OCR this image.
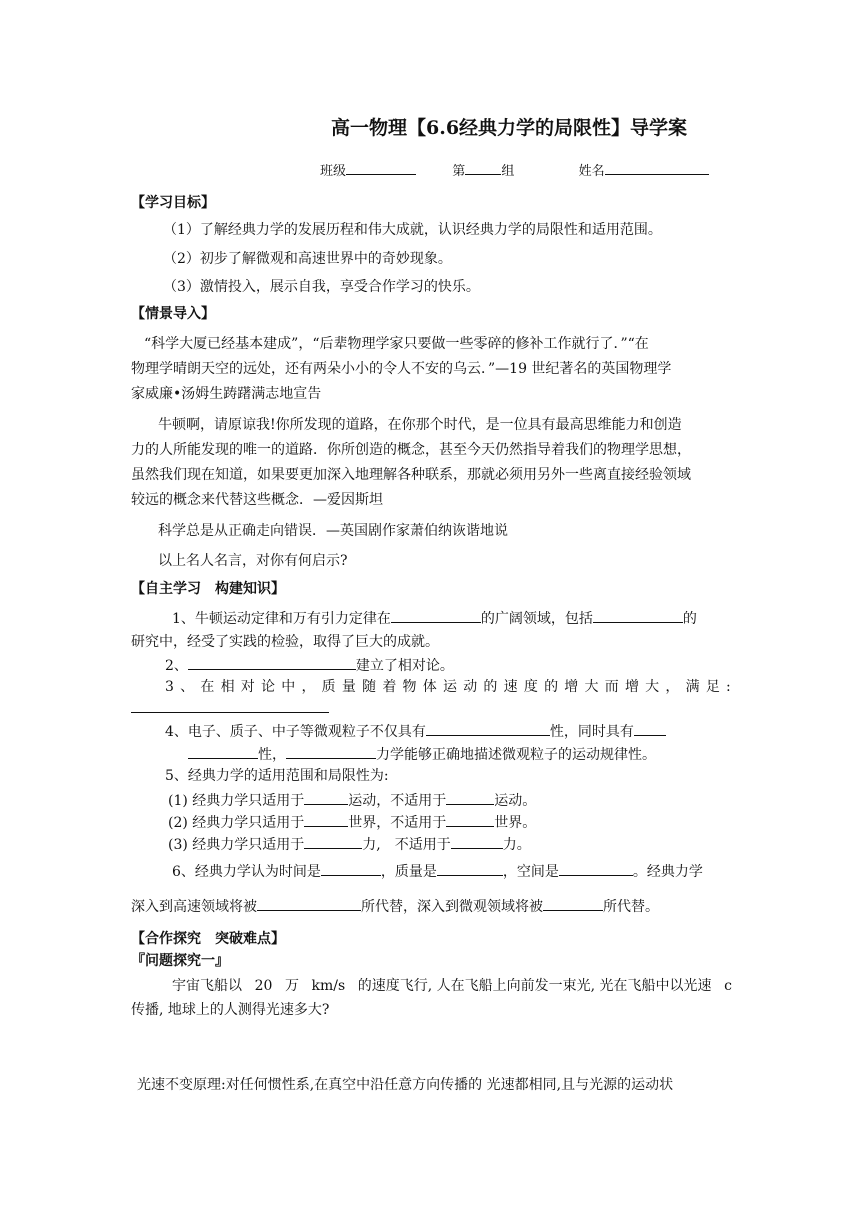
高一物理【6.6经典力学的局限性】导学案
班级	第	组	姓名
【学习目标】
（1）了解经典力学的发展历程和伟大成就，认识经典力学的局限性和适用范围。
（2）初步了解微观和高速世界中的奇妙现象。
（3）激情投入，展示自我，享受合作学习的快乐。
【情景导入】
“科学大厦已经基本建成”，“后辈物理学家只要做一些零碎的修补工作就行了．”“在
物理学晴朗天空的远处，还有两朵小小的令人不安的乌云．”—19 世纪著名的英国物理学
家威廉•汤姆生踌躇满志地宣告
牛顿啊，请原谅我!你所发现的道路，在你那个时代，是一位具有最高思维能力和创造
力的人所能发现的唯一的道路．你所创造的概念，甚至今天仍然指导着我们的物理学思想，
虽然我们现在知道，如果要更加深入地理解各种联系，那就必须用另外一些离直接经验领域
较远的概念来代替这些概念．—爱因斯坦
科学总是从正确走向错误．—英国剧作家萧伯纳诙谐地说
以上名人名言，对你有何启示?
【自主学习　构建知识】
1、牛顿运动定律和万有引力定律在	的广阔领域，包括	的
研究中，经受了实践的检验，取得了巨大的成就。
2、	建立了相对论。
3 、 在 相 对 论 中 ， 质 量 随 着 物 体 运 动 的 速 度 的 增 大 而 增 大 ， 满 足 :
4、电子、质子、中子等微观粒子不仅具有	性，同时具有
性，	力学能够正确地描述微观粒子的运动规律性。
5、经典力学的适用范围和局限性为:
(1) 经典力学只适用于	运动，不适用于	运动。
(2) 经典力学只适用于	世界，不适用于	世界。
(3) 经典力学只适用于	力,　不适用于	力。
6、经典力学认为时间是	，质量是	，空间是	。经典力学
深入到高速领域将被	所代替，深入到微观领域将被	所代替。
【合作探究　突破难点】
『问题探究一』
宇宙飞船以 20 万 km/s 的速度飞行, 人在飞船上向前发一束光, 光在飞船中以光速 c
传播, 地球上的人测得光速多大?
光速不变原理:对任何惯性系,在真空中沿任意方向传播的 光速都相同,且与光源的运动状
